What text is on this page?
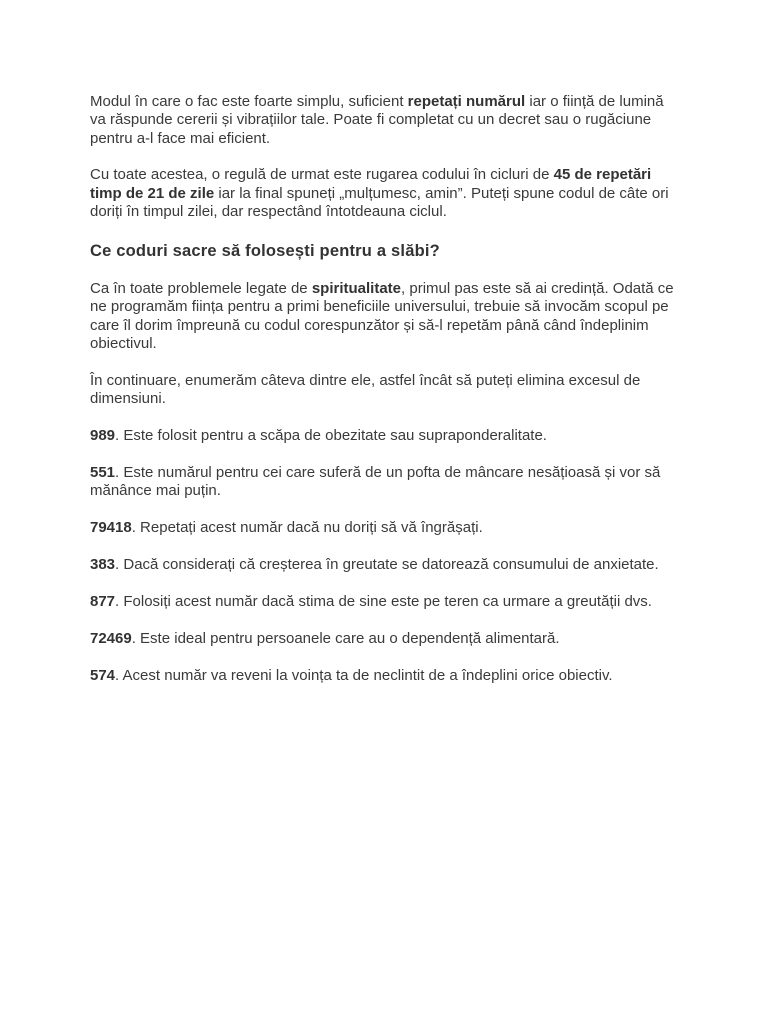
Modul în care o fac este foarte simplu, suficient repetați numărul iar o ființă de lumină va răspunde cererii și vibrațiilor tale. Poate fi completat cu un decret sau o rugăciune pentru a-l face mai eficient.

Cu toate acestea, o regulă de urmat este rugarea codului în cicluri de 45 de repetări timp de 21 de zile iar la final spuneți „mulțumesc, amin”. Puteți spune codul de câte ori doriți în timpul zilei, dar respectând întotdeauna ciclul.

Ce coduri sacre să folosești pentru a slăbi?

Ca în toate problemele legate de spiritualitate, primul pas este să ai credință. Odată ce ne programăm ființa pentru a primi beneficiile universului, trebuie să invocăm scopul pe care îl dorim împreună cu codul corespunzător și să-l repetăm până când îndeplinim obiectivul.

În continuare, enumerăm câteva dintre ele, astfel încât să puteți elimina excesul de dimensiuni.

989. Este folosit pentru a scăpa de obezitate sau supraponderalitate.

551. Este numărul pentru cei care suferă de un pofta de mâncare nesățioasă și vor să mănânce mai puțin.

79418. Repetați acest număr dacă nu doriți să vă îngrășați.

383. Dacă considerați că creșterea în greutate se datorează consumului de anxietate.

877. Folosiți acest număr dacă stima de sine este pe teren ca urmare a greutății dvs.

72469. Este ideal pentru persoanele care au o dependență alimentară.

574. Acest număr va reveni la voința ta de neclintit de a îndeplini orice obiectiv.
